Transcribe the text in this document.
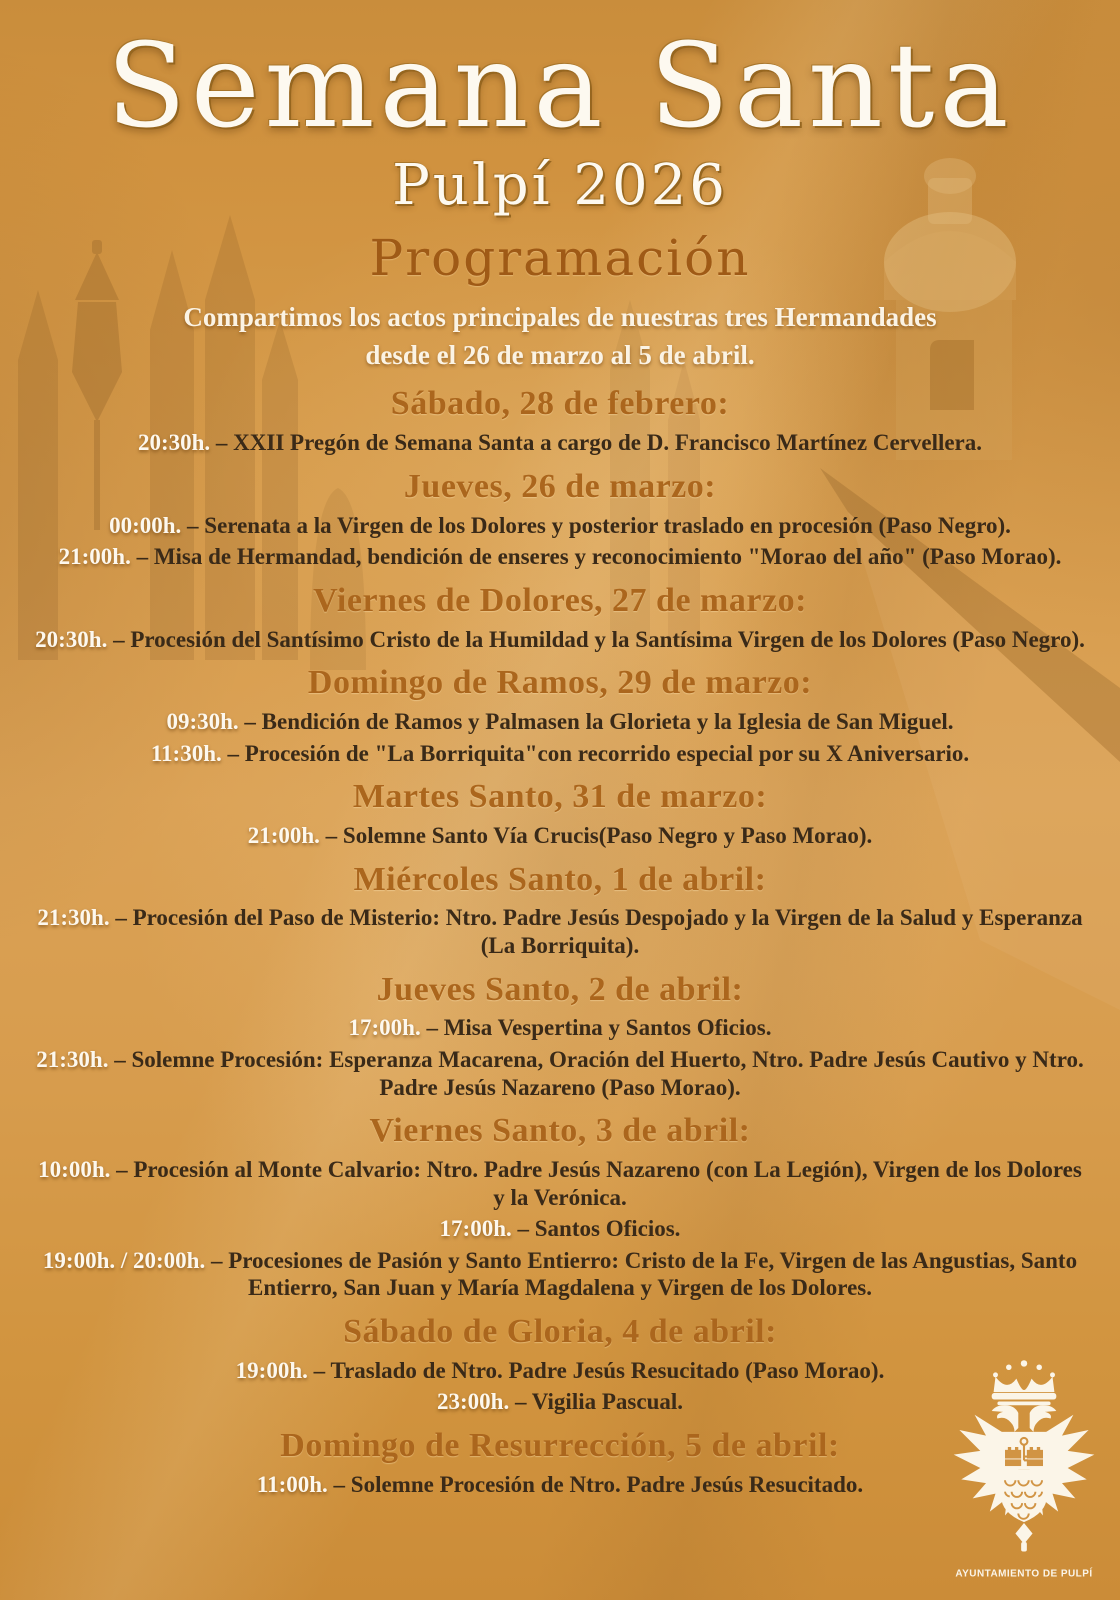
Semana Santa
Pulpí 2026
Programación
Compartimos los actos principales de nuestras tres Hermandades
desde el 26 de marzo al 5 de abril.
Sábado, 28 de febrero:

20:30h. – XXII Pregón de Semana Santa a cargo de D. Francisco Martínez Cervellera.

Jueves, 26 de marzo:

00:00h. – Serenata a la Virgen de los Dolores y posterior traslado en procesión (Paso Negro).

21:00h. – Misa de Hermandad, bendición de enseres y reconocimiento "Morao del año" (Paso Morao).

Viernes de Dolores, 27 de marzo:

20:30h. – Procesión del Santísimo Cristo de la Humildad y la Santísima Virgen de los Dolores (Paso Negro).

Domingo de Ramos, 29 de marzo:

09:30h. – Bendición de Ramos y Palmasen la Glorieta y la Iglesia de San Miguel.

11:30h. – Procesión de "La Borriquita"con recorrido especial por su X Aniversario.

Martes Santo, 31 de marzo:

21:00h. – Solemne Santo Vía Crucis(Paso Negro y Paso Morao).

Miércoles Santo, 1 de abril:

21:30h. – Procesión del Paso de Misterio: Ntro. Padre Jesús Despojado y la Virgen de la Salud y Esperanza (La Borriquita).

Jueves Santo, 2 de abril:

17:00h. – Misa Vespertina y Santos Oficios.

21:30h. – Solemne Procesión: Esperanza Macarena, Oración del Huerto, Ntro. Padre Jesús Cautivo y Ntro. Padre Jesús Nazareno (Paso Morao).

Viernes Santo, 3 de abril:

10:00h. – Procesión al Monte Calvario: Ntro. Padre Jesús Nazareno (con La Legión), Virgen de los Dolores y la Verónica.

17:00h. – Santos Oficios.

19:00h. / 20:00h. – Procesiones de Pasión y Santo Entierro: Cristo de la Fe, Virgen de las Angustias, Santo Entierro, San Juan y María Magdalena y Virgen de los Dolores.

Sábado de Gloria, 4 de abril:

19:00h. – Traslado de Ntro. Padre Jesús Resucitado (Paso Morao).

23:00h. – Vigilia Pascual.

Domingo de Resurrección, 5 de abril:

11:00h. – Solemne Procesión de Ntro. Padre Jesús Resucitado.

AYUNTAMIENTO DE PULPÍ
